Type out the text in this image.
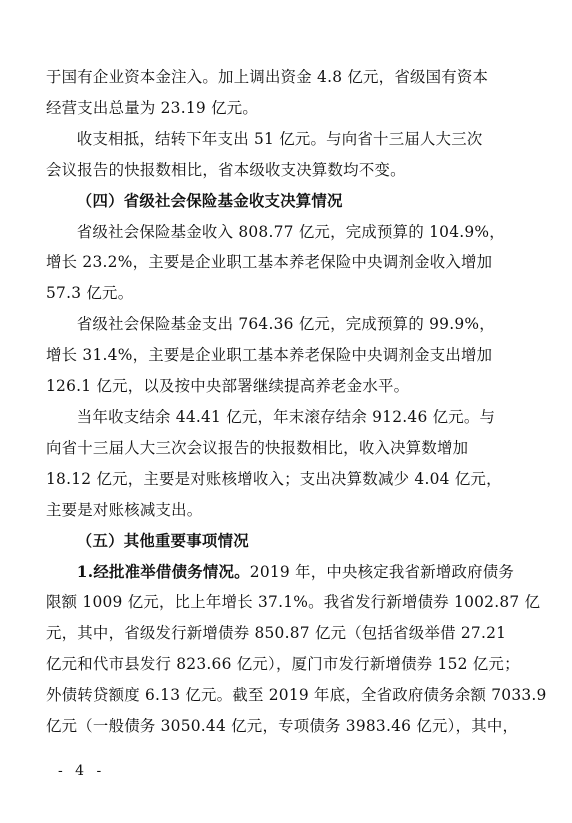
于国有企业资本金注入。加上调出资金 4.8 亿元，省级国有资本
经营支出总量为 23.19 亿元。

收支相抵，结转下年支出 51 亿元。与向省十三届人大三次
会议报告的快报数相比，省本级收支决算数均不变。

（四）省级社会保险基金收支决算情况

省级社会保险基金收入 808.77 亿元，完成预算的 104.9%，
增长 23.2%，主要是企业职工基本养老保险中央调剂金收入增加
57.3 亿元。

省级社会保险基金支出 764.36 亿元，完成预算的 99.9%，
增长 31.4%，主要是企业职工基本养老保险中央调剂金支出增加
126.1 亿元，以及按中央部署继续提高养老金水平。

当年收支结余 44.41 亿元，年末滚存结余 912.46 亿元。与
向省十三届人大三次会议报告的快报数相比，收入决算数增加
18.12 亿元，主要是对账核增收入；支出决算数减少 4.04 亿元，
主要是对账核减支出。

（五）其他重要事项情况

1.经批准举借债务情况。2019 年，中央核定我省新增政府债务
限额 1009 亿元，比上年增长 37.1%。我省发行新增债券 1002.87 亿
元，其中，省级发行新增债券 850.87 亿元（包括省级举借 27.21
亿元和代市县发行 823.66 亿元），厦门市发行新增债券 152 亿元；
外债转贷额度 6.13 亿元。截至 2019 年底，全省政府债务余额 7033.9
亿元（一般债务 3050.44 亿元，专项债务 3983.46 亿元），其中，

- 4 -
